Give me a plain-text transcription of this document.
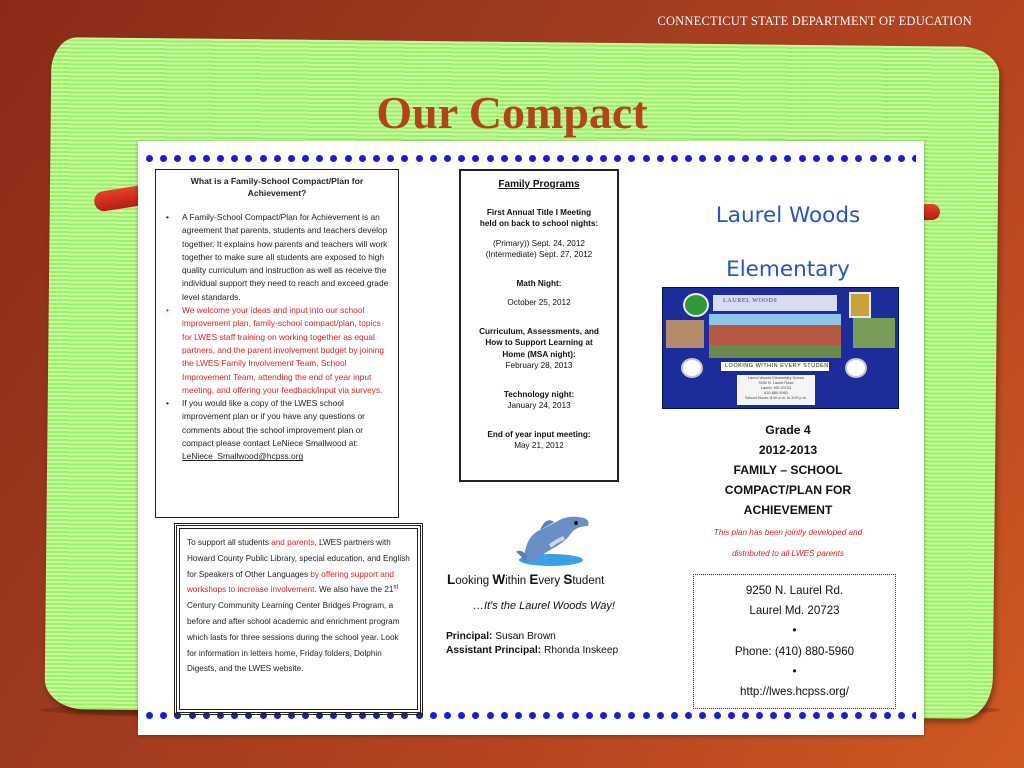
CONNECTICUT STATE DEPARTMENT OF EDUCATION
Our Compact
What is a Family-School Compact/Plan for
Achievement?
• A Family-School Compact/Plan for Achievement is an agreement that parents, students and teachers develop together. It explains how parents and teachers will work together to make sure all students are exposed to high quality curriculum and instruction as well as receive the individual support they need to reach and exceed grade level standards.
• We welcome your ideas and input into our school improvement plan, family-school compact/plan, topics for LWES staff training on working together as equal partners, and the parent involvement budget by joining the LWES Family Involvement Team, School Improvement Team, attending the end of year input meeting, and offering your feedback/input via surveys.
• If you would like a copy of the LWES school improvement plan or if you have any questions or comments about the school improvement plan or compact please contact LeNiece Smallwood at:
LeNiece_Smallwood@hcpss.org
To support all students and parents, LWES partners with Howard County Public Library, special education, and English for Speakers of Other Languages by offering support and workshops to increase involvement. We also have the 21st Century Community Learning Center Bridges Program, a before and after school academic and enrichment program which lasts for three sessions during the school year. Look for information in letters home, Friday folders, Dolphin Digests, and the LWES website.
Family Programs
First Annual Title I Meeting
held on back to school nights:
(Primary)) Sept. 24, 2012
(Intermediate) Sept. 27, 2012
Math Night:
October 25, 2012
Curriculum, Assessments, and
How to Support Learning at
Home (MSA night):
February 28, 2013
Technology night:
January 24, 2013
End of year input meeting:
May 21, 2012
Looking Within Every Student
…It's the Laurel Woods Way!
Principal: Susan Brown
Assistant Principal: Rhonda Inskeep
Laurel Woods
Elementary
LAUREL WOODS
LOOKING WITHIN EVERY STUDENT
Laurel Woods Elementary School
9250 N. Laurel Road
Laurel, MD 20723
410-880-5960
School Hours: 8:40 a.m. to 3:00 p.m.
Grade 4
2012-2013
FAMILY – SCHOOL
COMPACT/PLAN FOR
ACHIEVEMENT
This plan has been jointly developed and
distributed to all LWES parents
9250 N. Laurel Rd.
Laurel Md. 20723
•
Phone: (410) 880-5960
•
http://lwes.hcpss.org/
